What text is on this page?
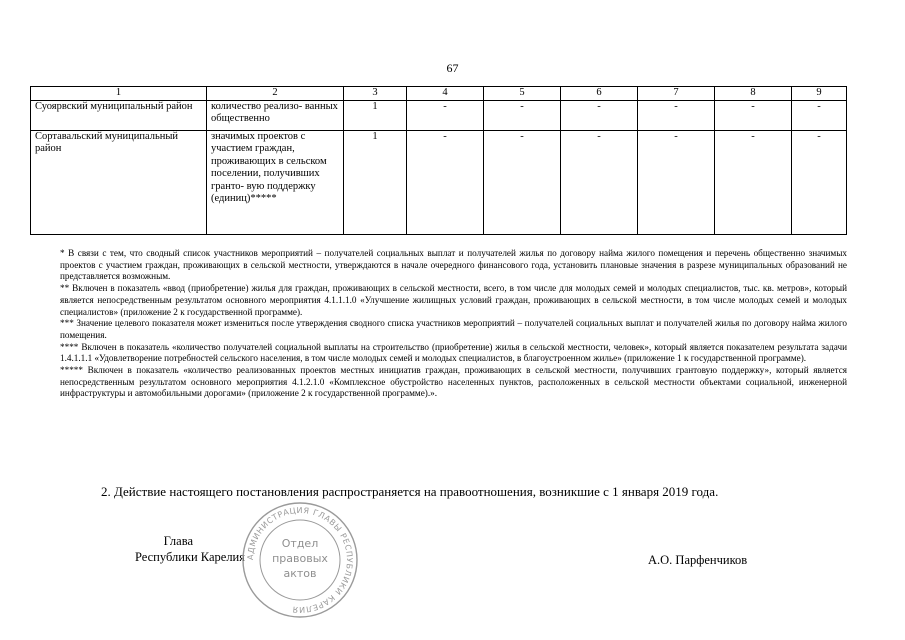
67
1	2	3	4	5	6	7	8	9
Суоярвский муниципальный район	количество реализо- ванных общественно	1	-	-	-	-	-	-
Сортавальский муниципальный район	значимых проектов с участием граждан, проживающих в сельском поселении, получивших гранто- вую поддержку (единиц)*****	1	-	-	-	-	-	-

* В связи с тем, что сводный список участников мероприятий – получателей социальных выплат и получателей жилья по договору найма жилого помещения и перечень общественно значимых проектов с участием граждан, проживающих в сельской местности, утверждаются в начале очередного финансового года, установить плановые значения в разрезе муниципальных образований не представляется возможным.

** Включен в показатель «ввод (приобретение) жилья для граждан, проживающих в сельской местности, всего, в том числе для молодых семей и молодых специалистов, тыс. кв. метров», который является непосредственным результатом основного мероприятия 4.1.1.1.0 «Улучшение жилищных условий граждан, проживающих в сельской местности, в том числе молодых семей и молодых специалистов» (приложение 2 к государственной программе).

*** Значение целевого показателя может измениться после утверждения сводного списка участников мероприятий – получателей социальных выплат и получателей жилья по договору найма жилого помещения.

**** Включен в показатель «количество получателей социальной выплаты на строительство (приобретение) жилья в сельской местности, человек», который является показателем результата задачи 1.4.1.1.1 «Удовлетворение потребностей сельского населения, в том числе молодых семей и молодых специалистов, в благоустроенном жилье» (приложение 1 к государственной программе).

***** Включен в показатель «количество реализованных проектов местных инициатив граждан, проживающих в сельской местности, получивших грантовую поддержку», который является непосредственным результатом основного мероприятия 4.1.2.1.0 «Комплексное обустройство населенных пунктов, расположенных в сельской местности объектами социальной, инженерной инфраструктуры и автомобильными дорогами» (приложение 2 к государственной программе).».

2. Действие настоящего постановления распространяется на правоотношения, возникшие с 1 января 2019 года.
Глава
Республики Карелия	А.О. Парфенчиков
АДМИНИСТРАЦИЯ ГЛАВЫ РЕСПУБЛИКИ КАРЕЛИЯ
Отдел
правовых
актов
